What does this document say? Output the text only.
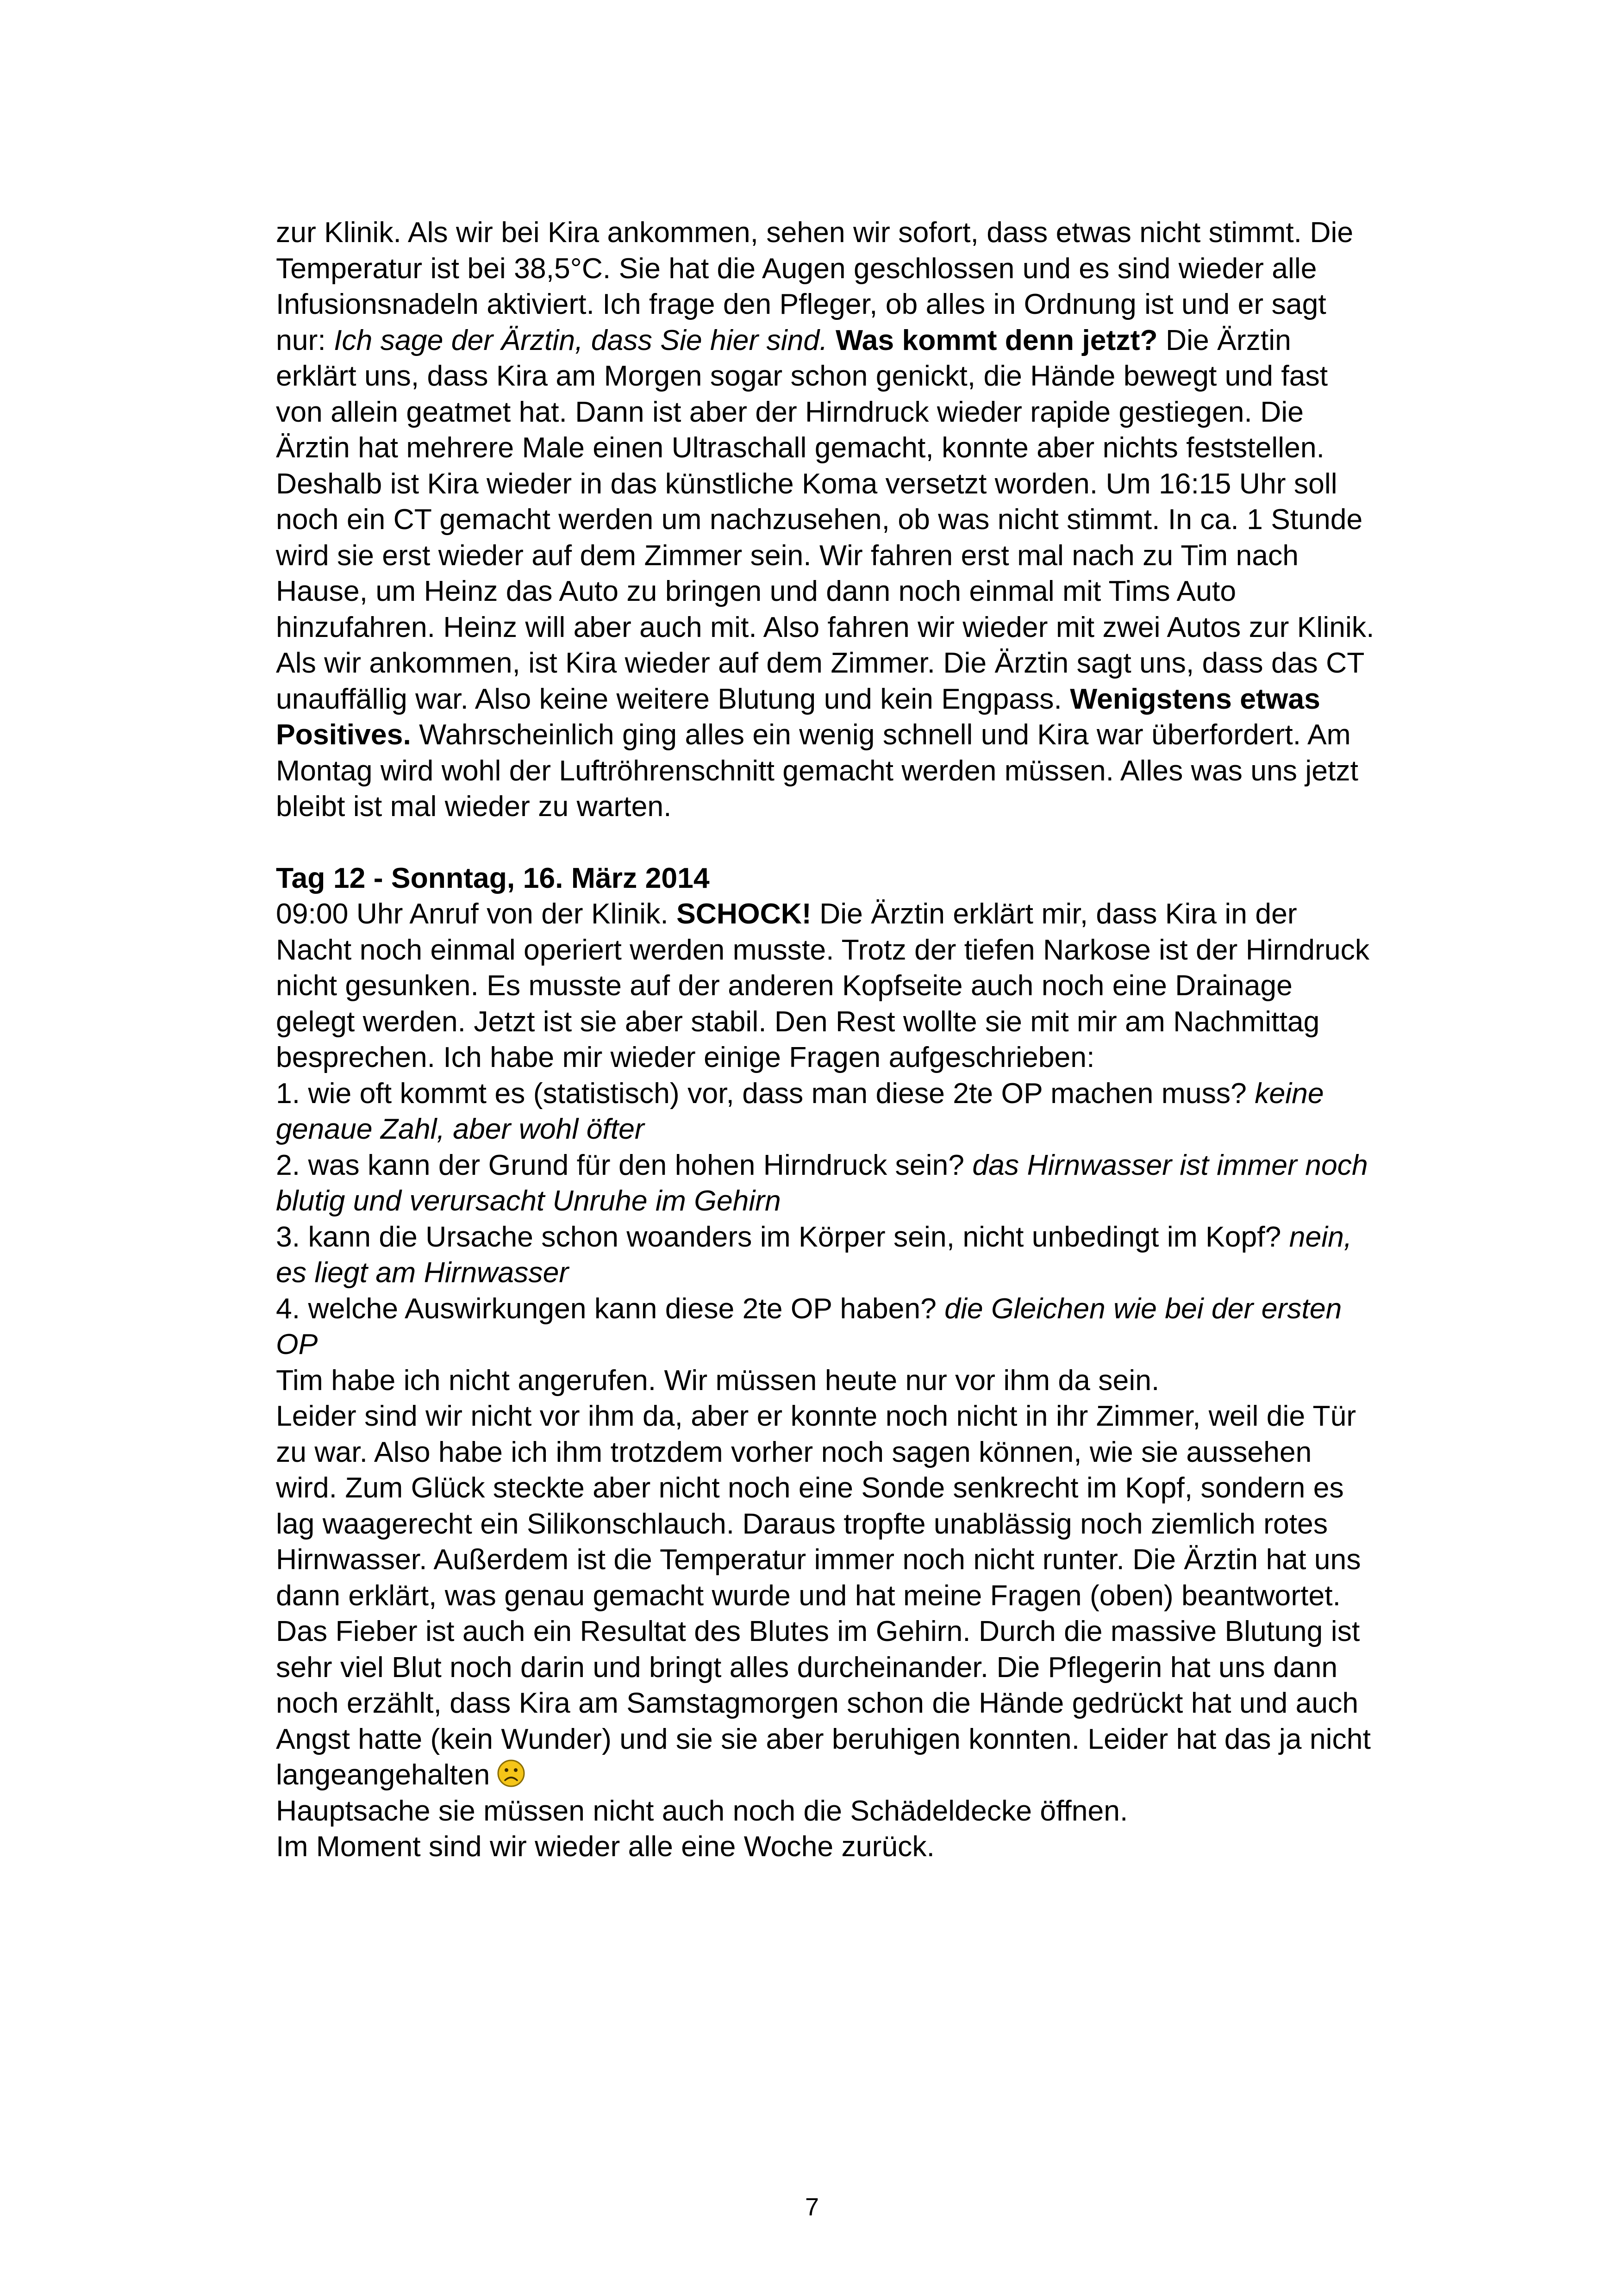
zur Klinik. Als wir bei Kira ankommen, sehen wir sofort, dass etwas nicht stimmt. Die Temperatur ist bei 38,5°C. Sie hat die Augen geschlossen und es sind wieder alle Infusionsnadeln aktiviert. Ich frage den Pfleger, ob alles in Ordnung ist und er sagt nur: Ich sage der Ärztin, dass Sie hier sind. Was kommt denn jetzt? Die Ärztin erklärt uns, dass Kira am Morgen sogar schon genickt, die Hände bewegt und fast von allein geatmet hat. Dann ist aber der Hirndruck wieder rapide gestiegen. Die Ärztin hat mehrere Male einen Ultraschall gemacht, konnte aber nichts feststellen. Deshalb ist Kira wieder in das künstliche Koma versetzt worden. Um 16:15 Uhr soll noch ein CT gemacht werden um nachzusehen, ob was nicht stimmt. In ca. 1 Stunde wird sie erst wieder auf dem Zimmer sein. Wir fahren erst mal nach zu Tim nach Hause, um Heinz das Auto zu bringen und dann noch einmal mit Tims Auto hinzufahren. Heinz will aber auch mit. Also fahren wir wieder mit zwei Autos zur Klinik. Als wir ankommen, ist Kira wieder auf dem Zimmer. Die Ärztin sagt uns, dass das CT unauffällig war. Also keine weitere Blutung und kein Engpass. Wenigstens etwas Positives. Wahrscheinlich ging alles ein wenig schnell und Kira war überfordert. Am Montag wird wohl der Luftröhrenschnitt gemacht werden müssen. Alles was uns jetzt bleibt ist mal wieder zu warten.

Tag 12 - Sonntag, 16. März 2014

09:00 Uhr Anruf von der Klinik. SCHOCK! Die Ärztin erklärt mir, dass Kira in der Nacht noch einmal operiert werden musste. Trotz der tiefen Narkose ist der Hirndruck nicht gesunken. Es musste auf der anderen Kopfseite auch noch eine Drainage gelegt werden. Jetzt ist sie aber stabil. Den Rest wollte sie mit mir am Nachmittag besprechen. Ich habe mir wieder einige Fragen aufgeschrieben:

1. wie oft kommt es (statistisch) vor, dass man diese 2te OP machen muss? keine genaue Zahl, aber wohl öfter

2. was kann der Grund für den hohen Hirndruck sein? das Hirnwasser ist immer noch blutig und verursacht Unruhe im Gehirn

3. kann die Ursache schon woanders im Körper sein, nicht unbedingt im Kopf? nein, es liegt am Hirnwasser

4. welche Auswirkungen kann diese 2te OP haben? die Gleichen wie bei der ersten OP

Tim habe ich nicht angerufen. Wir müssen heute nur vor ihm da sein.

Leider sind wir nicht vor ihm da, aber er konnte noch nicht in ihr Zimmer, weil die Tür zu war. Also habe ich ihm trotzdem vorher noch sagen können, wie sie aussehen wird. Zum Glück steckte aber nicht noch eine Sonde senkrecht im Kopf, sondern es lag waagerecht ein Silikonschlauch. Daraus tropfte unablässig noch ziemlich rotes Hirnwasser. Außerdem ist die Temperatur immer noch nicht runter. Die Ärztin hat uns dann erklärt, was genau gemacht wurde und hat meine Fragen (oben) beantwortet. Das Fieber ist auch ein Resultat des Blutes im Gehirn. Durch die massive Blutung ist sehr viel Blut noch darin und bringt alles durcheinander. Die Pflegerin hat uns dann noch erzählt, dass Kira am Samstagmorgen schon die Hände gedrückt hat und auch Angst hatte (kein Wunder) und sie sie aber beruhigen konnten. Leider hat das ja nicht langeangehalten

Hauptsache sie müssen nicht auch noch die Schädeldecke öffnen.

Im Moment sind wir wieder alle eine Woche zurück.

7
